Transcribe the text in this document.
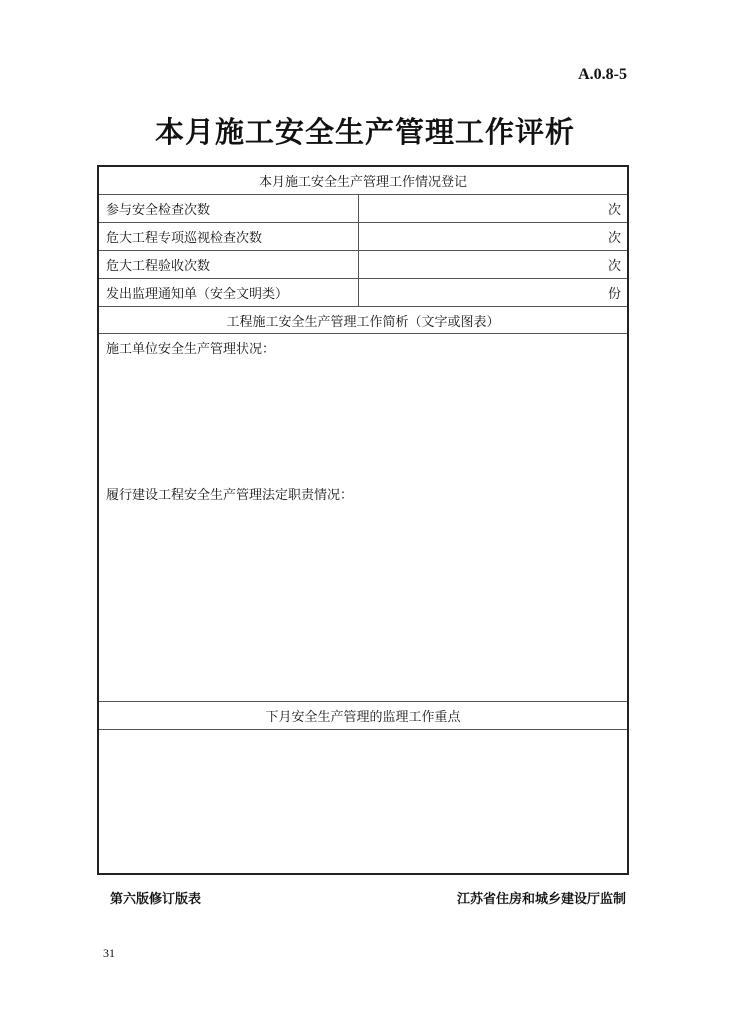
A.0.8-5
本月施工安全生产管理工作评析
本月施工安全生产管理工作情况登记
参与安全检查次数	次
危大工程专项巡视检查次数	次
危大工程验收次数	次
发出监理通知单（安全文明类）	份
工程施工安全生产管理工作简析（文字或图表）
施工单位安全生产管理状况：
履行建设工程安全生产管理法定职责情况：
下月安全生产管理的监理工作重点
第六版修订版表	江苏省住房和城乡建设厅监制
31
